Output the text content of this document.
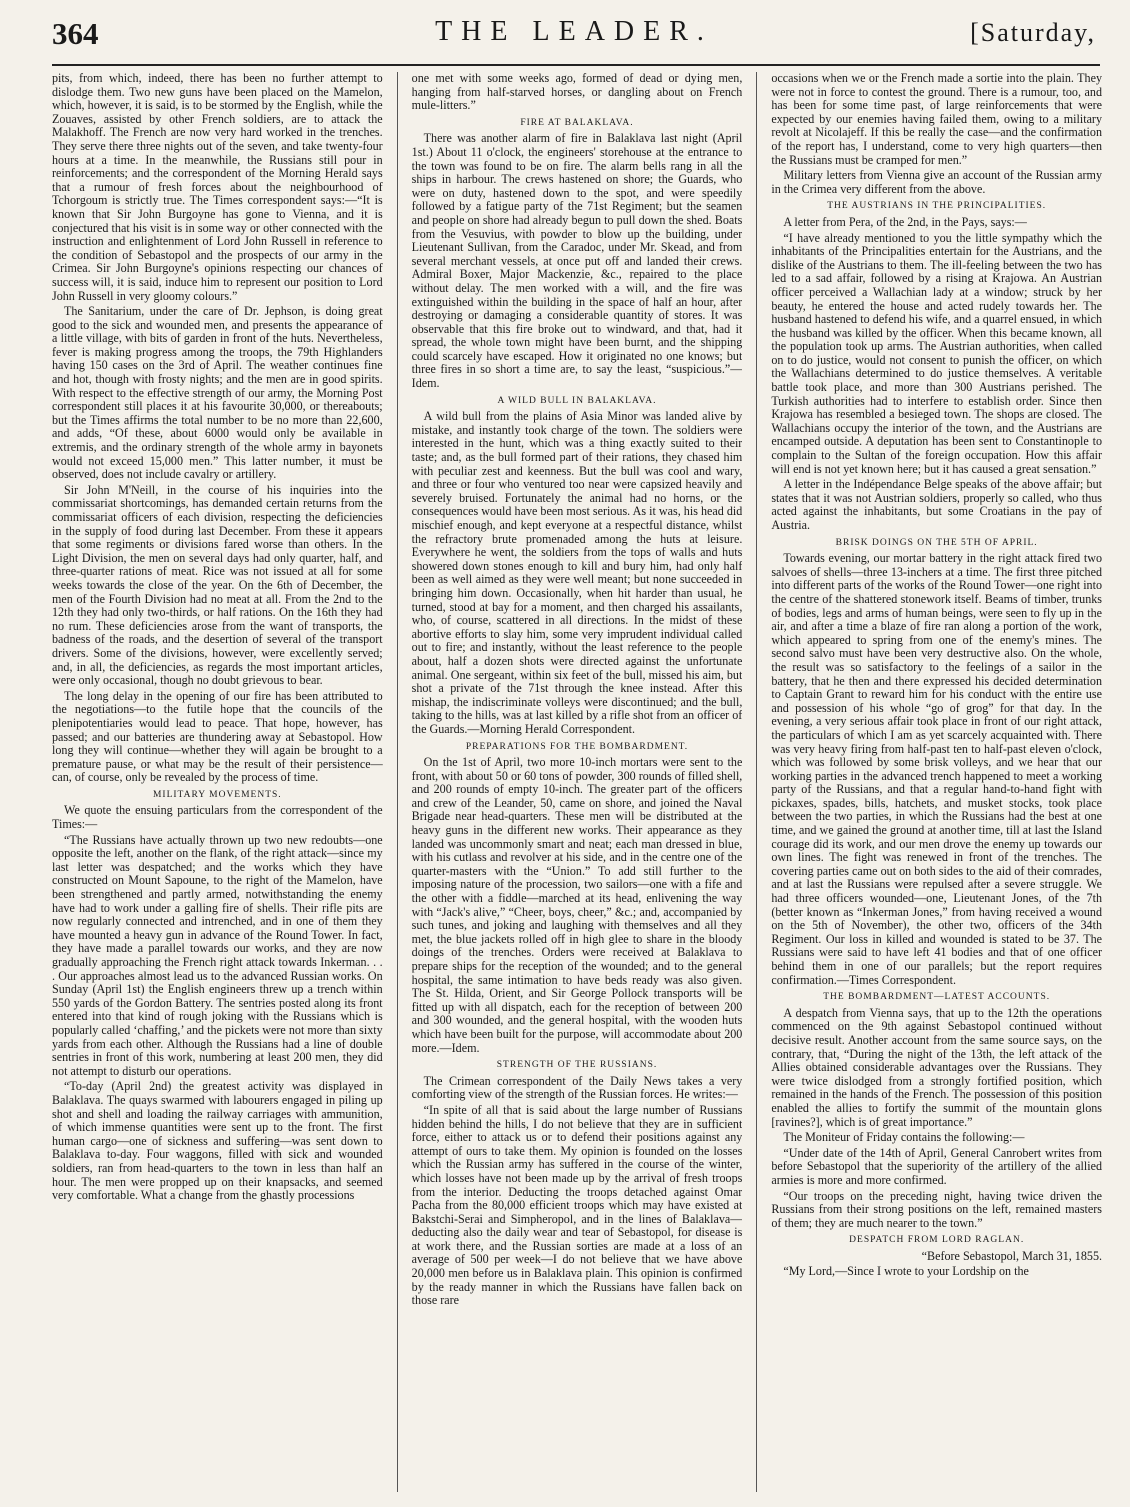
364	THE LEADER.	[Saturday,

pits, from which, indeed, there has been no further attempt to dislodge them. Two new guns have been placed on the Mamelon, which, however, it is said, is to be stormed by the English, while the Zouaves, assisted by other French soldiers, are to attack the Malakhoff. The French are now very hard worked in the trenches. They serve there three nights out of the seven, and take twenty-four hours at a time. In the meanwhile, the Russians still pour in reinforcements; and the correspondent of the Morning Herald says that a rumour of fresh forces about the neighbourhood of Tchorgoum is strictly true. The Times correspondent says:—“It is known that Sir John Burgoyne has gone to Vienna, and it is conjectured that his visit is in some way or other connected with the instruction and enlightenment of Lord John Russell in reference to the condition of Sebastopol and the prospects of our army in the Crimea. Sir John Burgoyne's opinions respecting our chances of success will, it is said, induce him to represent our position to Lord John Russell in very gloomy colours.”

The Sanitarium, under the care of Dr. Jephson, is doing great good to the sick and wounded men, and presents the appearance of a little village, with bits of garden in front of the huts. Nevertheless, fever is making progress among the troops, the 79th Highlanders having 150 cases on the 3rd of April. The weather continues fine and hot, though with frosty nights; and the men are in good spirits. With respect to the effective strength of our army, the Morning Post correspondent still places it at his favourite 30,000, or thereabouts; but the Times affirms the total number to be no more than 22,600, and adds, “Of these, about 6000 would only be available in extremis, and the ordinary strength of the whole army in bayonets would not exceed 15,000 men.” This latter number, it must be observed, does not include cavalry or artillery.

Sir John M'Neill, in the course of his inquiries into the commissariat shortcomings, has demanded certain returns from the commissariat officers of each division, respecting the deficiencies in the supply of food during last December. From these it appears that some regiments or divisions fared worse than others. In the Light Division, the men on several days had only quarter, half, and three-quarter rations of meat. Rice was not issued at all for some weeks towards the close of the year. On the 6th of December, the men of the Fourth Division had no meat at all. From the 2nd to the 12th they had only two-thirds, or half rations. On the 16th they had no rum. These deficiencies arose from the want of transports, the badness of the roads, and the desertion of several of the transport drivers. Some of the divisions, however, were excellently served; and, in all, the deficiencies, as regards the most important articles, were only occasional, though no doubt grievous to bear.

The long delay in the opening of our fire has been attributed to the negotiations—to the futile hope that the councils of the plenipotentiaries would lead to peace. That hope, however, has passed; and our batteries are thundering away at Sebastopol. How long they will continue—whether they will again be brought to a premature pause, or what may be the result of their persistence—can, of course, only be revealed by the process of time.

MILITARY MOVEMENTS.

We quote the ensuing particulars from the correspondent of the Times:—

“The Russians have actually thrown up two new redoubts—one opposite the left, another on the flank, of the right attack—since my last letter was despatched; and the works which they have constructed on Mount Sapoune, to the right of the Mamelon, have been strengthened and partly armed, notwithstanding the enemy have had to work under a galling fire of shells. Their rifle pits are now regularly connected and intrenched, and in one of them they have mounted a heavy gun in advance of the Round Tower. In fact, they have made a parallel towards our works, and they are now gradually approaching the French right attack towards Inkerman. . . . Our approaches almost lead us to the advanced Russian works. On Sunday (April 1st) the English engineers threw up a trench within 550 yards of the Gordon Battery. The sentries posted along its front entered into that kind of rough joking with the Russians which is popularly called ‘chaffing,’ and the pickets were not more than sixty yards from each other. Although the Russians had a line of double sentries in front of this work, numbering at least 200 men, they did not attempt to disturb our operations.

“To-day (April 2nd) the greatest activity was displayed in Balaklava. The quays swarmed with labourers engaged in piling up shot and shell and loading the railway carriages with ammunition, of which immense quantities were sent up to the front. The first human cargo—one of sickness and suffering—was sent down to Balaklava to-day. Four waggons, filled with sick and wounded soldiers, ran from head-quarters to the town in less than half an hour. The men were propped up on their knapsacks, and seemed very comfortable. What a change from the ghastly processions

one met with some weeks ago, formed of dead or dying men, hanging from half-starved horses, or dangling about on French mule-litters.”

FIRE AT BALAKLAVA.

There was another alarm of fire in Balaklava last night (April 1st.) About 11 o'clock, the engineers' storehouse at the entrance to the town was found to be on fire. The alarm bells rang in all the ships in harbour. The crews hastened on shore; the Guards, who were on duty, hastened down to the spot, and were speedily followed by a fatigue party of the 71st Regiment; but the seamen and people on shore had already begun to pull down the shed. Boats from the Vesuvius, with powder to blow up the building, under Lieutenant Sullivan, from the Caradoc, under Mr. Skead, and from several merchant vessels, at once put off and landed their crews. Admiral Boxer, Major Mackenzie, &c., repaired to the place without delay. The men worked with a will, and the fire was extinguished within the building in the space of half an hour, after destroying or damaging a considerable quantity of stores. It was observable that this fire broke out to windward, and that, had it spread, the whole town might have been burnt, and the shipping could scarcely have escaped. How it originated no one knows; but three fires in so short a time are, to say the least, “suspicious.”—Idem.

A WILD BULL IN BALAKLAVA.

A wild bull from the plains of Asia Minor was landed alive by mistake, and instantly took charge of the town. The soldiers were interested in the hunt, which was a thing exactly suited to their taste; and, as the bull formed part of their rations, they chased him with peculiar zest and keenness. But the bull was cool and wary, and three or four who ventured too near were capsized heavily and severely bruised. Fortunately the animal had no horns, or the consequences would have been most serious. As it was, his head did mischief enough, and kept everyone at a respectful distance, whilst the refractory brute promenaded among the huts at leisure. Everywhere he went, the soldiers from the tops of walls and huts showered down stones enough to kill and bury him, had only half been as well aimed as they were well meant; but none succeeded in bringing him down. Occasionally, when hit harder than usual, he turned, stood at bay for a moment, and then charged his assailants, who, of course, scattered in all directions. In the midst of these abortive efforts to slay him, some very imprudent individual called out to fire; and instantly, without the least reference to the people about, half a dozen shots were directed against the unfortunate animal. One sergeant, within six feet of the bull, missed his aim, but shot a private of the 71st through the knee instead. After this mishap, the indiscriminate volleys were discontinued; and the bull, taking to the hills, was at last killed by a rifle shot from an officer of the Guards.—Morning Herald Correspondent.

PREPARATIONS FOR THE BOMBARDMENT.

On the 1st of April, two more 10-inch mortars were sent to the front, with about 50 or 60 tons of powder, 300 rounds of filled shell, and 200 rounds of empty 10-inch. The greater part of the officers and crew of the Leander, 50, came on shore, and joined the Naval Brigade near head-quarters. These men will be distributed at the heavy guns in the different new works. Their appearance as they landed was uncommonly smart and neat; each man dressed in blue, with his cutlass and revolver at his side, and in the centre one of the quarter-masters with the “Union.” To add still further to the imposing nature of the procession, two sailors—one with a fife and the other with a fiddle—marched at its head, enlivening the way with “Jack's alive,” “Cheer, boys, cheer,” &c.; and, accompanied by such tunes, and joking and laughing with themselves and all they met, the blue jackets rolled off in high glee to share in the bloody doings of the trenches. Orders were received at Balaklava to prepare ships for the reception of the wounded; and to the general hospital, the same intimation to have beds ready was also given. The St. Hilda, Orient, and Sir George Pollock transports will be fitted up with all dispatch, each for the reception of between 200 and 300 wounded, and the general hospital, with the wooden huts which have been built for the purpose, will accommodate about 200 more.—Idem.

STRENGTH OF THE RUSSIANS.

The Crimean correspondent of the Daily News takes a very comforting view of the strength of the Russian forces. He writes:—

“In spite of all that is said about the large number of Russians hidden behind the hills, I do not believe that they are in sufficient force, either to attack us or to defend their positions against any attempt of ours to take them. My opinion is founded on the losses which the Russian army has suffered in the course of the winter, which losses have not been made up by the arrival of fresh troops from the interior. Deducting the troops detached against Omar Pacha from the 80,000 efficient troops which may have existed at Bakstchi-Serai and Simpheropol, and in the lines of Balaklava—deducting also the daily wear and tear of Sebastopol, for disease is at work there, and the Russian sorties are made at a loss of an average of 500 per week—I do not believe that we have above 20,000 men before us in Balaklava plain. This opinion is confirmed by the ready manner in which the Russians have fallen back on those rare

occasions when we or the French made a sortie into the plain. They were not in force to contest the ground. There is a rumour, too, and has been for some time past, of large reinforcements that were expected by our enemies having failed them, owing to a military revolt at Nicolajeff. If this be really the case—and the confirmation of the report has, I understand, come to very high quarters—then the Russians must be cramped for men.”

Military letters from Vienna give an account of the Russian army in the Crimea very different from the above.

THE AUSTRIANS IN THE PRINCIPALITIES.

A letter from Pera, of the 2nd, in the Pays, says:—

“I have already mentioned to you the little sympathy which the inhabitants of the Principalities entertain for the Austrians, and the dislike of the Austrians to them. The ill-feeling between the two has led to a sad affair, followed by a rising at Krajowa. An Austrian officer perceived a Wallachian lady at a window; struck by her beauty, he entered the house and acted rudely towards her. The husband hastened to defend his wife, and a quarrel ensued, in which the husband was killed by the officer. When this became known, all the population took up arms. The Austrian authorities, when called on to do justice, would not consent to punish the officer, on which the Wallachians determined to do justice themselves. A veritable battle took place, and more than 300 Austrians perished. The Turkish authorities had to interfere to establish order. Since then Krajowa has resembled a besieged town. The shops are closed. The Wallachians occupy the interior of the town, and the Austrians are encamped outside. A deputation has been sent to Constantinople to complain to the Sultan of the foreign occupation. How this affair will end is not yet known here; but it has caused a great sensation.”

A letter in the Indépendance Belge speaks of the above affair; but states that it was not Austrian soldiers, properly so called, who thus acted against the inhabitants, but some Croatians in the pay of Austria.

BRISK DOINGS ON THE 5TH OF APRIL.

Towards evening, our mortar battery in the right attack fired two salvoes of shells—three 13-inchers at a time. The first three pitched into different parts of the works of the Round Tower—one right into the centre of the shattered stonework itself. Beams of timber, trunks of bodies, legs and arms of human beings, were seen to fly up in the air, and after a time a blaze of fire ran along a portion of the work, which appeared to spring from one of the enemy's mines. The second salvo must have been very destructive also. On the whole, the result was so satisfactory to the feelings of a sailor in the battery, that he then and there expressed his decided determination to Captain Grant to reward him for his conduct with the entire use and possession of his whole “go of grog” for that day. In the evening, a very serious affair took place in front of our right attack, the particulars of which I am as yet scarcely acquainted with. There was very heavy firing from half-past ten to half-past eleven o'clock, which was followed by some brisk volleys, and we hear that our working parties in the advanced trench happened to meet a working party of the Russians, and that a regular hand-to-hand fight with pickaxes, spades, bills, hatchets, and musket stocks, took place between the two parties, in which the Russians had the best at one time, and we gained the ground at another time, till at last the Island courage did its work, and our men drove the enemy up towards our own lines. The fight was renewed in front of the trenches. The covering parties came out on both sides to the aid of their comrades, and at last the Russians were repulsed after a severe struggle. We had three officers wounded—one, Lieutenant Jones, of the 7th (better known as “Inkerman Jones,” from having received a wound on the 5th of November), the other two, officers of the 34th Regiment. Our loss in killed and wounded is stated to be 37. The Russians were said to have left 41 bodies and that of one officer behind them in one of our parallels; but the report requires confirmation.—Times Correspondent.

THE BOMBARDMENT—LATEST ACCOUNTS.

A despatch from Vienna says, that up to the 12th the operations commenced on the 9th against Sebastopol continued without decisive result. Another account from the same source says, on the contrary, that, “During the night of the 13th, the left attack of the Allies obtained considerable advantages over the Russians. They were twice dislodged from a strongly fortified position, which remained in the hands of the French. The possession of this position enabled the allies to fortify the summit of the mountain glons [ravines?], which is of great importance.”

The Moniteur of Friday contains the following:—

“Under date of the 14th of April, General Canrobert writes from before Sebastopol that the superiority of the artillery of the allied armies is more and more confirmed.

“Our troops on the preceding night, having twice driven the Russians from their strong positions on the left, remained masters of them; they are much nearer to the town.”

DESPATCH FROM LORD RAGLAN.

“Before Sebastopol, March 31, 1855.

“My Lord,—Since I wrote to your Lordship on the
